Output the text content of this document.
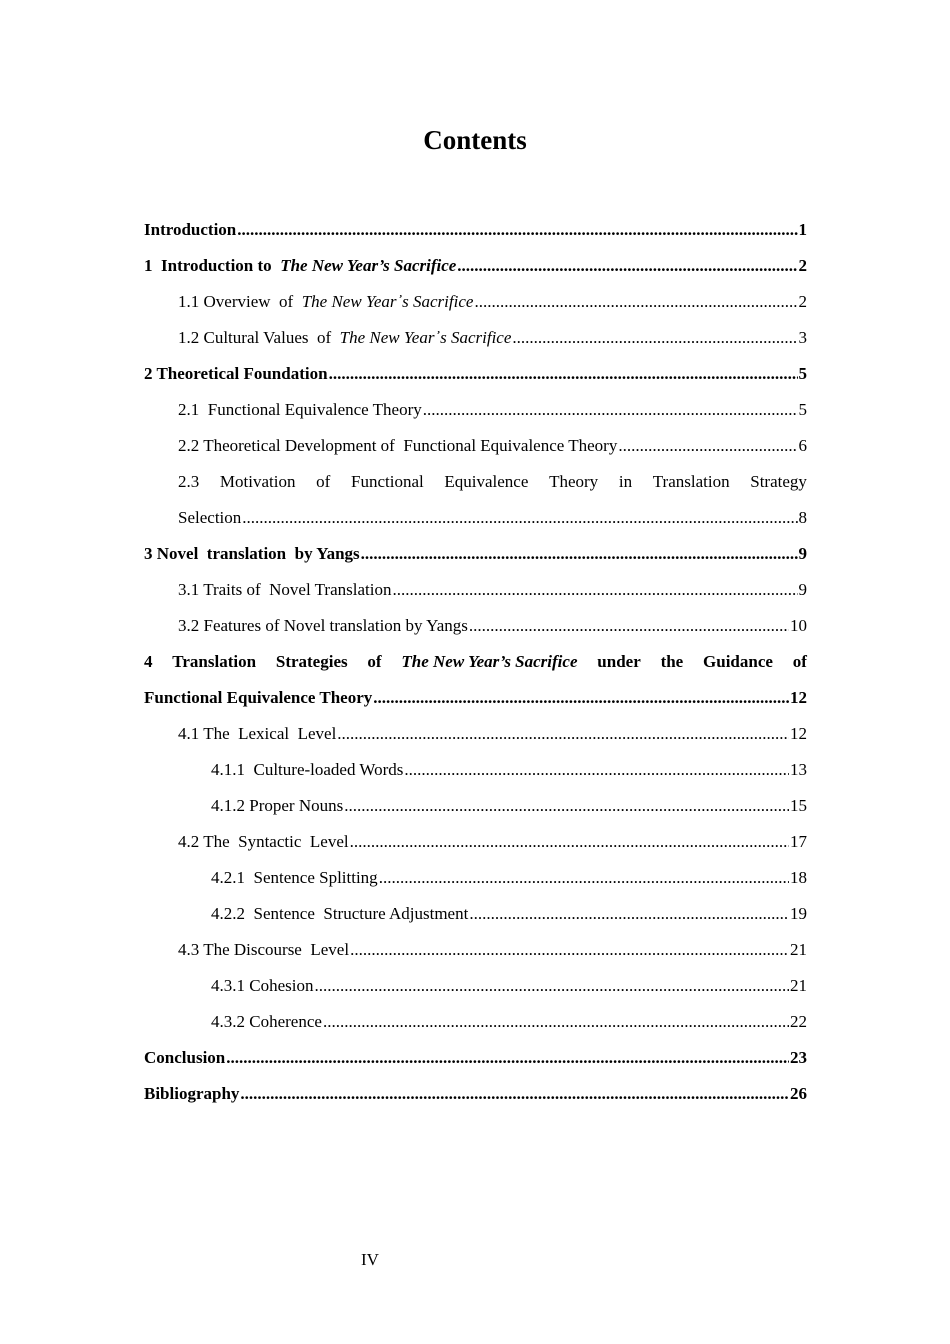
Contents
Introduction .....	1
1  Introduction to  The New Year’s Sacrifice .....	2
1.1 Overview  of  The New Year᾽s Sacrifice .....	2
1.2 Cultural Values  of  The New Year᾽s Sacrifice .....	3
2 Theoretical Foundation .....	5
2.1  Functional Equivalence Theory .....	5
2.2 Theoretical Development of  Functional Equivalence Theory .....	6
2.3 Motivation of Functional Equivalence Theory in Translation Strategy
Selection .....	8
3 Novel  translation  by Yangs .....	9
3.1 Traits of  Novel Translation .....	9
3.2 Features of Novel translation by Yangs .....	10
4 Translation Strategies of The New Year’s Sacrifice under the Guidance of
Functional Equivalence Theory .....	12
4.1 The  Lexical  Level .....	12
4.1.1  Culture-loaded Words .....	13
4.1.2 Proper Nouns .....	15
4.2 The  Syntactic  Level .....	17
4.2.1  Sentence Splitting .....	18
4.2.2  Sentence  Structure Adjustment .....	19
4.3 The Discourse  Level .....	21
4.3.1 Cohesion .....	21
4.3.2 Coherence .....	22
Conclusion .....	23
Bibliography .....	26
IV
